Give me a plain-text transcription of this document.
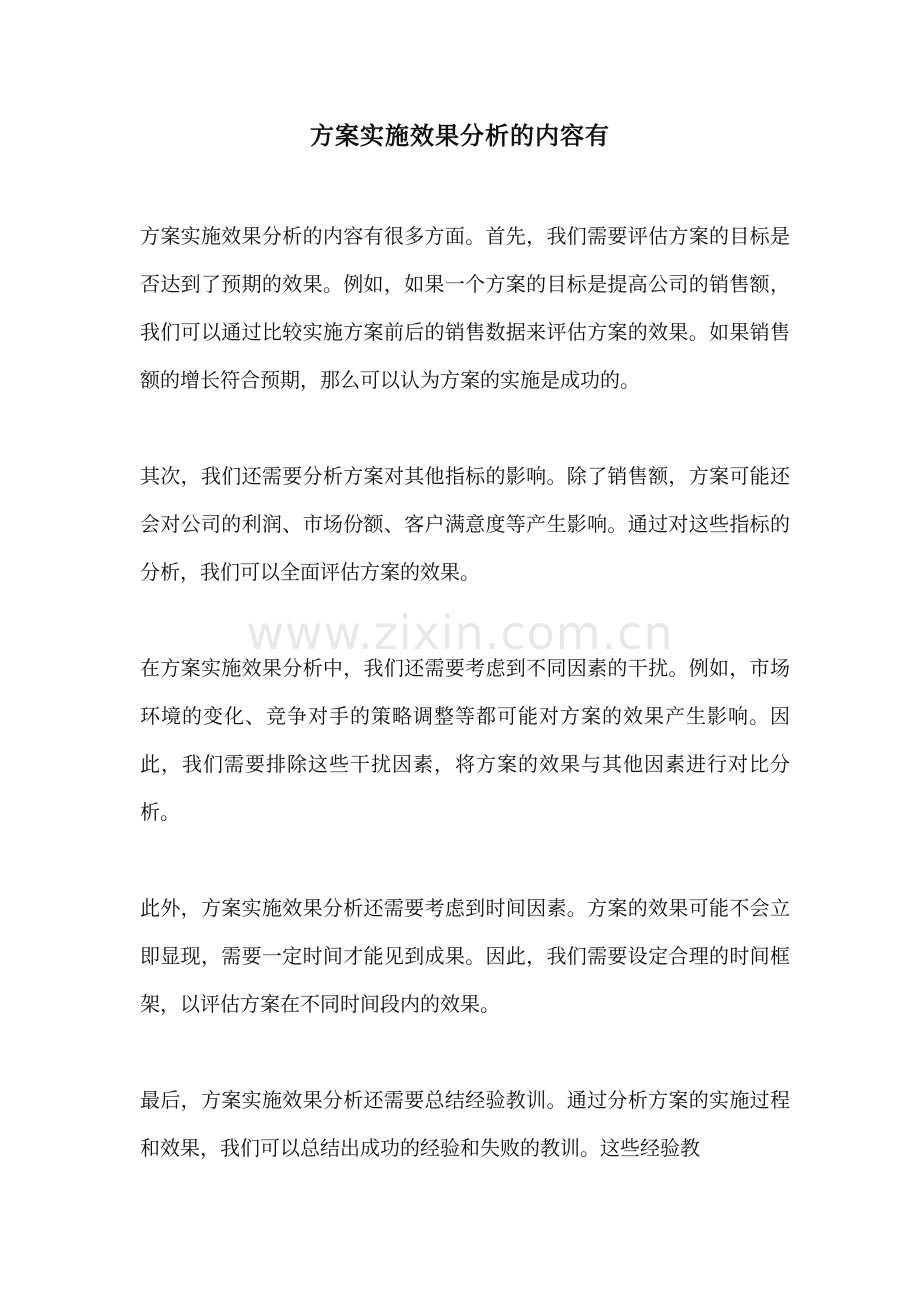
方案实施效果分析的内容有

方案实施效果分析的内容有很多方面。首先，我们需要评估方案的目标是否达到了预期的效果。例如，如果一个方案的目标是提高公司的销售额，我们可以通过比较实施方案前后的销售数据来评估方案的效果。如果销售额的增长符合预期，那么可以认为方案的实施是成功的。

其次，我们还需要分析方案对其他指标的影响。除了销售额，方案可能还会对公司的利润、市场份额、客户满意度等产生影响。通过对这些指标的分析，我们可以全面评估方案的效果。

在方案实施效果分析中，我们还需要考虑到不同因素的干扰。例如，市场环境的变化、竞争对手的策略调整等都可能对方案的效果产生影响。因此，我们需要排除这些干扰因素，将方案的效果与其他因素进行对比分析。

此外，方案实施效果分析还需要考虑到时间因素。方案的效果可能不会立即显现，需要一定时间才能见到成果。因此，我们需要设定合理的时间框架，以评估方案在不同时间段内的效果。

最后，方案实施效果分析还需要总结经验教训。通过分析方案的实施过程和效果，我们可以总结出成功的经验和失败的教训。这些经验教

www.zixin.com.cn
